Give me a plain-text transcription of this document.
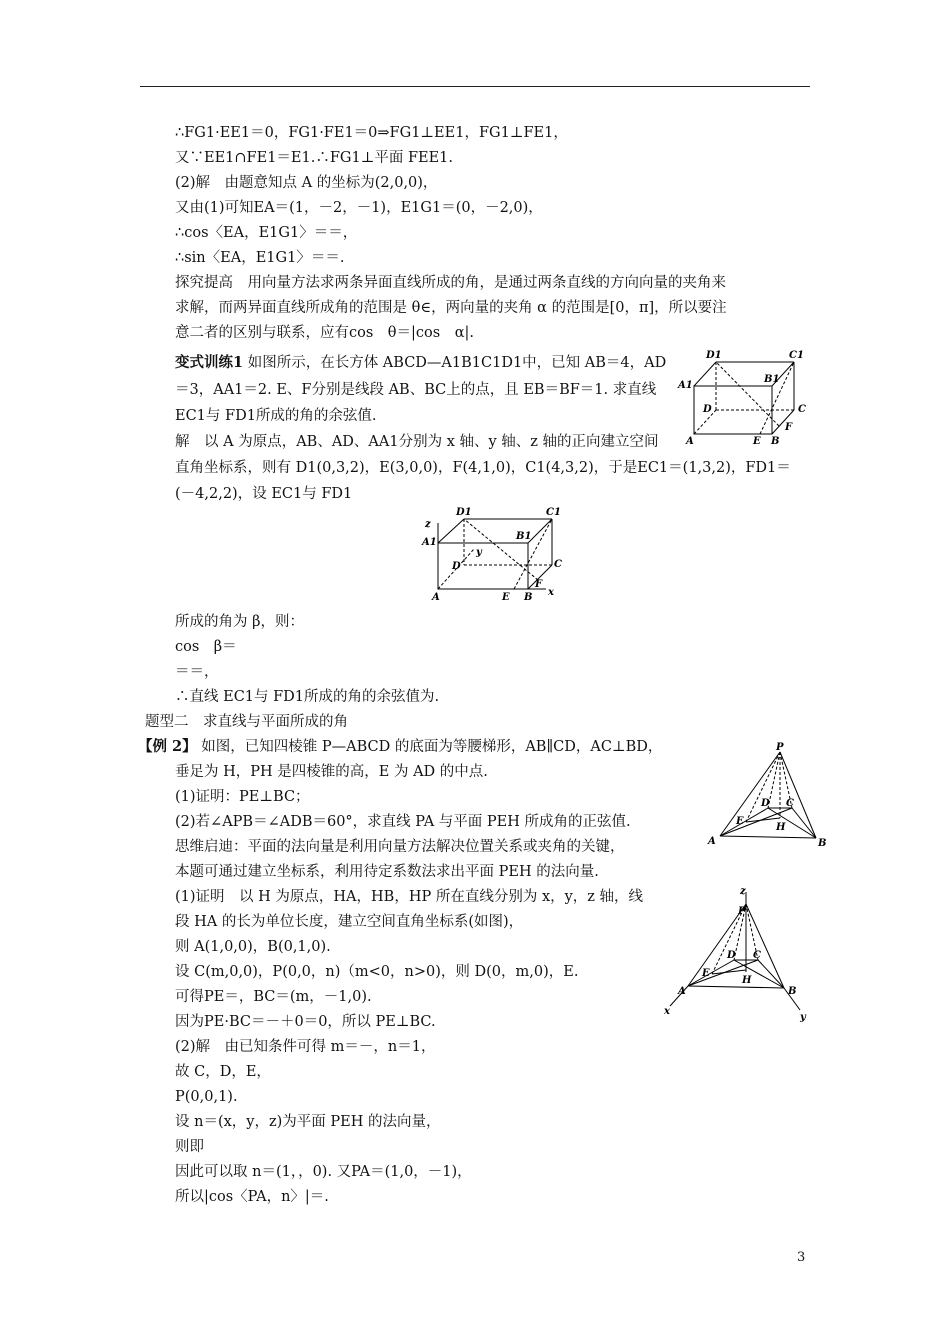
∴FG1·EE1＝0，FG1·FE1＝0⇒FG1⊥EE1，FG1⊥FE1，
又∵EE1∩FE1＝E1.∴FG1⊥平面 FEE1.
(2)解　由题意知点 A 的坐标为(2,0,0)，
又由(1)可知EA＝(1，－2，－1)，E1G1＝(0，－2,0)，
∴cos〈EA，E1G1〉＝＝，
∴sin〈EA，E1G1〉＝＝.
探究提高　用向量方法求两条异面直线所成的角，是通过两条直线的方向向量的夹角来
求解，而两异面直线所成角的范围是 θ∈，两向量的夹角 α 的范围是[0，π]，所以要注
意二者的区别与联系，应有cos　θ＝|cos　α|.
变式训练1 如图所示，在长方体 ABCD—A1B1C1D1中，已知 AB＝4，AD
＝3，AA1＝2. E、F分别是线段 AB、BC上的点，且 EB＝BF＝1. 求直线
EC1与 FD1所成的角的余弦值.
解　以 A 为原点，AB、AD、AA1分别为 x 轴、y 轴、z 轴的正向建立空间
直角坐标系，则有 D1(0,3,2)，E(3,0,0)，F(4,1,0)，C1(4,3,2)，于是EC1＝(1,3,2)，FD1＝
(－4,2,2)，设 EC1与 FD1
D1	C1
A1
B1
D	C
A	E B
F
z
D1	C1
A1
B1
y
D	C
A	E B
F
x
所成的角为 β，则：
cos　β＝
＝＝，
∴直线 EC1与 FD1所成的角的余弦值为.
题型二　求直线与平面所成的角
【例 2】 如图，已知四棱锥 P—ABCD 的底面为等腰梯形，AB∥CD，AC⊥BD，
垂足为 H，PH 是四棱锥的高，E 为 AD 的中点.
(1)证明：PE⊥BC；
(2)若∠APB＝∠ADB＝60°，求直线 PA 与平面 PEH 所成角的正弦值.
思维启迪：平面的法向量是利用向量方法解决位置关系或夹角的关键，
本题可通过建立坐标系，利用待定系数法求出平面 PEH 的法向量.
(1)证明　以 H 为原点，HA，HB，HP 所在直线分别为 x，y，z 轴，线
段 HA 的长为单位长度，建立空间直角坐标系(如图)，
则 A(1,0,0)，B(0,1,0).
设 C(m,0,0)，P(0,0，n)（m<0，n>0)，则 D(0，m,0)，E.
可得PE＝，BC＝(m，－1,0).
因为PE·BC＝－＋0＝0，所以 PE⊥BC.
(2)解　由已知条件可得 m＝－，n＝1，
故 C，D，E，
P(0,0,1).
设 n＝(x，y，z)为平面 PEH 的法向量，
则即
因此可以取 n＝(1，，0). 又PA＝(1,0，－1)，
所以|cos〈PA，n〉|＝.
P
D C
E
H
A	B
z
P
D C
E
H
A	B
x
y
3
